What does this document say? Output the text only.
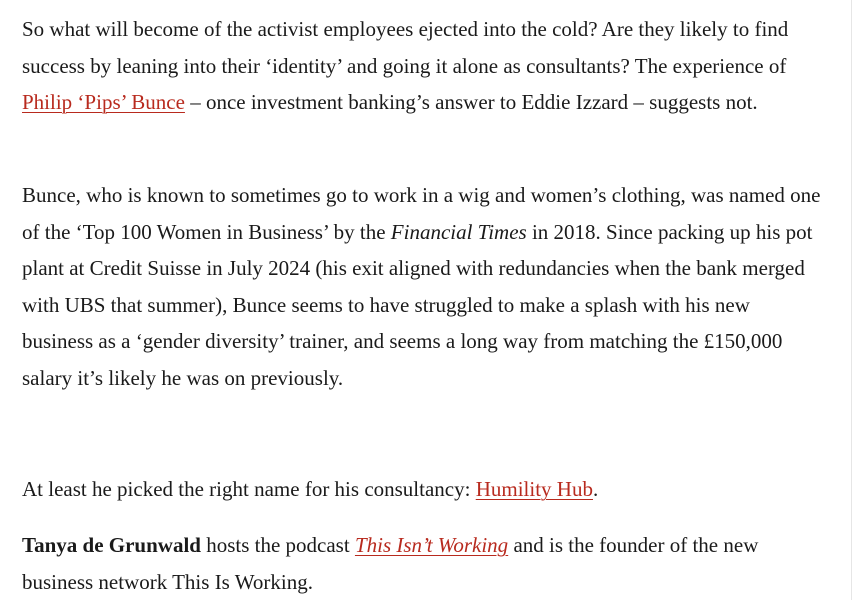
So what will become of the activist employees ejected into the cold? Are they likely to find success by leaning into their ‘identity’ and going it alone as consultants? The experience of Philip ‘Pips’ Bunce – once investment banking’s answer to Eddie Izzard – suggests not.

Bunce, who is known to sometimes go to work in a wig and women’s clothing, was named one of the ‘Top 100 Women in Business’ by the Financial Times in 2018. Since packing up his pot plant at Credit Suisse in July 2024 (his exit aligned with redundancies when the bank merged with UBS that summer), Bunce seems to have struggled to make a splash with his new business as a ‘gender diversity’ trainer, and seems a long way from matching the £150,000 salary it’s likely he was on previously.

At least he picked the right name for his consultancy: Humility Hub.

Tanya de Grunwald hosts the podcast This Isn’t Working and is the founder of the new business network This Is Working.
